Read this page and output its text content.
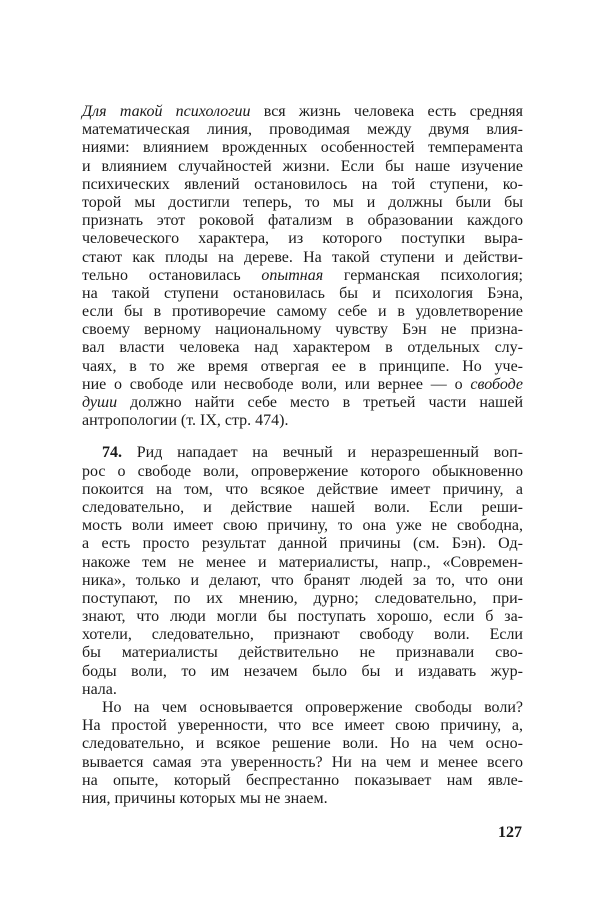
Для такой психологии вся жизнь человека есть средняя
математическая линия, проводимая между двумя влия-
ниями: влиянием врожденных особенностей темперамента
и влиянием случайностей жизни. Если бы наше изучение
психических явлений остановилось на той ступени, ко-
торой мы достигли теперь, то мы и должны были бы
признать этот роковой фатализм в образовании каждого
человеческого характера, из которого поступки выра-
стают как плоды на дереве. На такой ступени и действи-
тельно остановилась опытная германская психология;
на такой ступени остановилась бы и психология Бэна,
если бы в противоречие самому себе и в удовлетворение
своему верному национальному чувству Бэн не призна-
вал власти человека над характером в отдельных слу-
чаях, в то же время отвергая ее в принципе. Но уче-
ние о свободе или несвободе воли, или вернее — о свободе
души должно найти себе место в третьей части нашей
антропологии (т. IX, стр. 474).
74. Рид нападает на вечный и неразрешенный воп-
рос о свободе воли, опровержение которого обыкновенно
покоится на том, что всякое действие имеет причину, а
следовательно, и действие нашей воли. Если реши-
мость воли имеет свою причину, то она уже не свободна,
а есть просто результат данной причины (см. Бэн). Од-
накоже тем не менее и материалисты, напр., «Современ-
ника», только и делают, что бранят людей за то, что они
поступают, по их мнению, дурно; следовательно, при-
знают, что люди могли бы поступать хорошо, если б за-
хотели, следовательно, признают свободу воли. Если
бы материалисты действительно не признавали сво-
боды воли, то им незачем было бы и издавать жур-
нала.
Но на чем основывается опровержение свободы воли?
На простой уверенности, что все имеет свою причину, а,
следовательно, и всякое решение воли. Но на чем осно-
вывается самая эта уверенность? Ни на чем и менее всего
на опыте, который беспрестанно показывает нам явле-
ния, причины которых мы не знаем.
127
